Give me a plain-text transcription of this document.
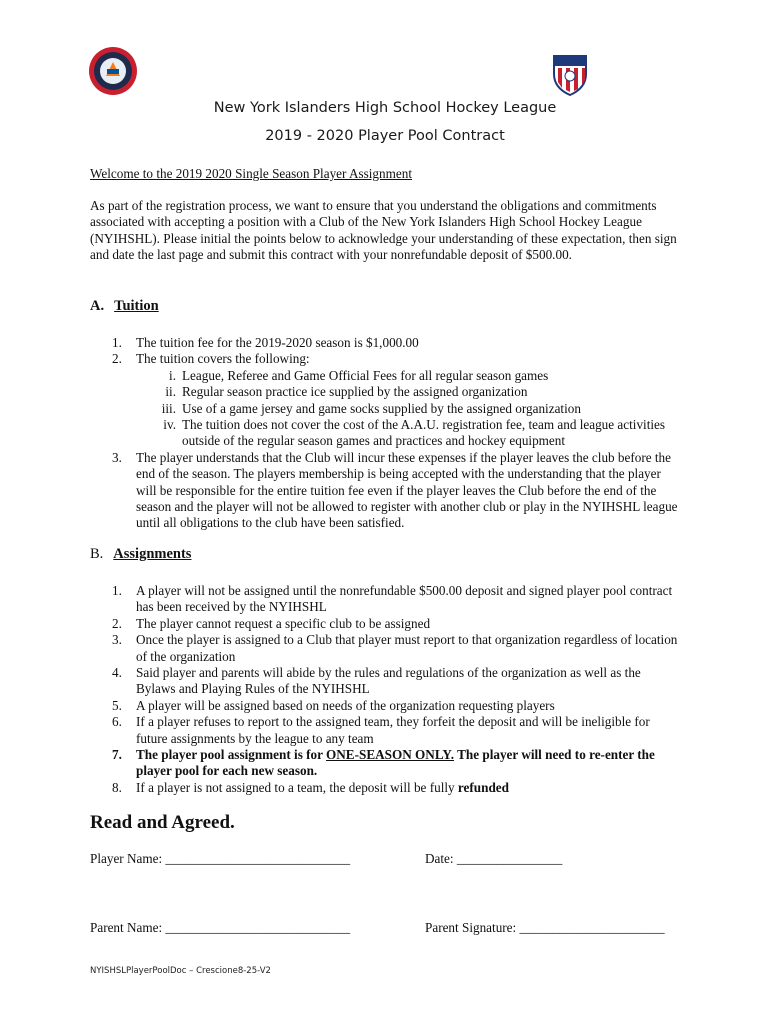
New York Islanders High School Hockey League
2019 - 2020 Player Pool Contract
Welcome to the 2019 2020 Single Season Player Assignment
As part of the registration process, we want to ensure that you understand the obligations and commitments associated with accepting a position with a Club of the New York Islanders High School Hockey League (NYIHSHL). Please initial the points below to acknowledge your understanding of these expectation, then sign and date the last page and submit this contract with your nonrefundable deposit of $500.00.
A. Tuition
1.	The tuition fee for the 2019-2020 season is $1,000.00
2.	The tuition covers the following:
i. League, Referee and Game Official Fees for all regular season games
ii. Regular season practice ice supplied by the assigned organization
iii. Use of a game jersey and game socks supplied by the assigned organization
iv. The tuition does not cover the cost of the A.A.U. registration fee, team and league activities outside of the regular season games and practices and hockey equipment
3.	The player understands that the Club will incur these expenses if the player leaves the club before the end of the season. The players membership is being accepted with the understanding that the player will be responsible for the entire tuition fee even if the player leaves the Club before the end of the season and the player will not be allowed to register with another club or play in the NYIHSHL league until all obligations to the club have been satisfied.
B. Assignments
1.	A player will not be assigned until the nonrefundable $500.00 deposit and signed player pool contract has been received by the NYIHSHL
2.	The player cannot request a specific club to be assigned
3.	Once the player is assigned to a Club that player must report to that organization regardless of location of the organization
4.	Said player and parents will abide by the rules and regulations of the organization as well as the Bylaws and Playing Rules of the NYIHSHL
5.	A player will be assigned based on needs of the organization requesting players
6.	If a player refuses to report to the assigned team, they forfeit the deposit and will be ineligible for future assignments by the league to any team
7.	The player pool assignment is for ONE-SEASON ONLY. The player will need to re-enter the player pool for each new season.
8.	If a player is not assigned to a team, the deposit will be fully refunded
Read and Agreed.
Player Name: ____________________________	Date: ________________
Parent Name: ____________________________	Parent Signature: ______________________
NYISHSLPlayerPoolDoc – Crescione8-25-V2
